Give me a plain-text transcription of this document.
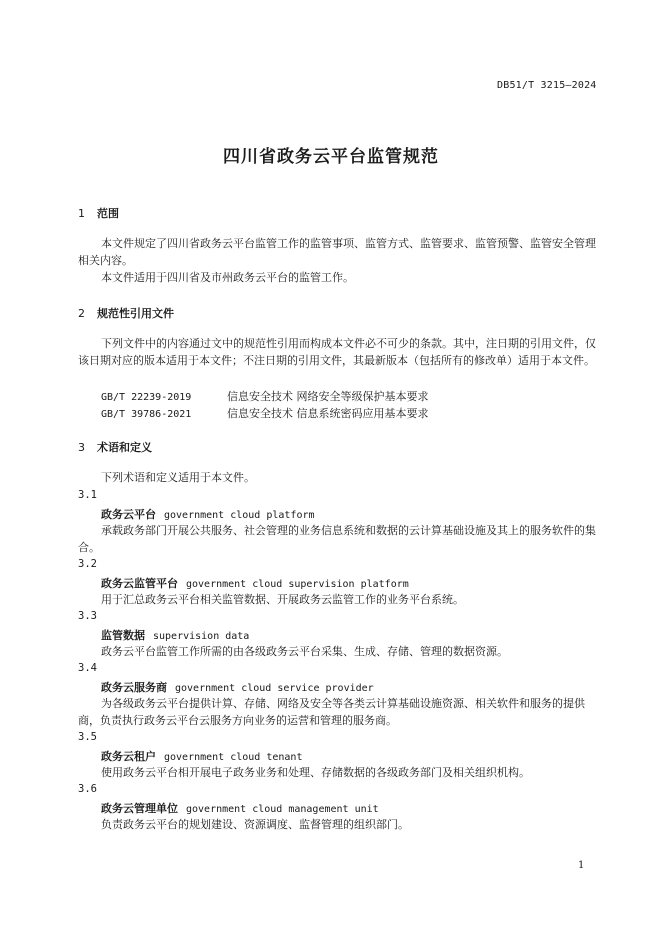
DB51/T 3215—2024
四川省政务云平台监管规范
1 范围
本文件规定了四川省政务云平台监管工作的监管事项、监管方式、监管要求、监管预警、监管安全管理相关内容。
本文件适用于四川省及市州政务云平台的监管工作。
2 规范性引用文件
下列文件中的内容通过文中的规范性引用而构成本文件必不可少的条款。其中，注日期的引用文件，仅该日期对应的版本适用于本文件；不注日期的引用文件，其最新版本（包括所有的修改单）适用于本文件。
GB/T 22239-2019	信息安全技术 网络安全等级保护基本要求
GB/T 39786-2021	信息安全技术 信息系统密码应用基本要求
3 术语和定义
下列术语和定义适用于本文件。
3.1
政务云平台 government cloud platform
承载政务部门开展公共服务、社会管理的业务信息系统和数据的云计算基础设施及其上的服务软件的集合。
3.2
政务云监管平台 government cloud supervision platform
用于汇总政务云平台相关监管数据、开展政务云监管工作的业务平台系统。
3.3
监管数据 supervision data
政务云平台监管工作所需的由各级政务云平台采集、生成、存储、管理的数据资源。
3.4
政务云服务商 government cloud service provider
为各级政务云平台提供计算、存储、网络及安全等各类云计算基础设施资源、相关软件和服务的提供商，负责执行政务云平台云服务方向业务的运营和管理的服务商。
3.5
政务云租户 government cloud tenant
使用政务云平台相开展电子政务业务和处理、存储数据的各级政务部门及相关组织机构。
3.6
政务云管理单位 government cloud management unit
负责政务云平台的规划建设、资源调度、监督管理的组织部门。
1
